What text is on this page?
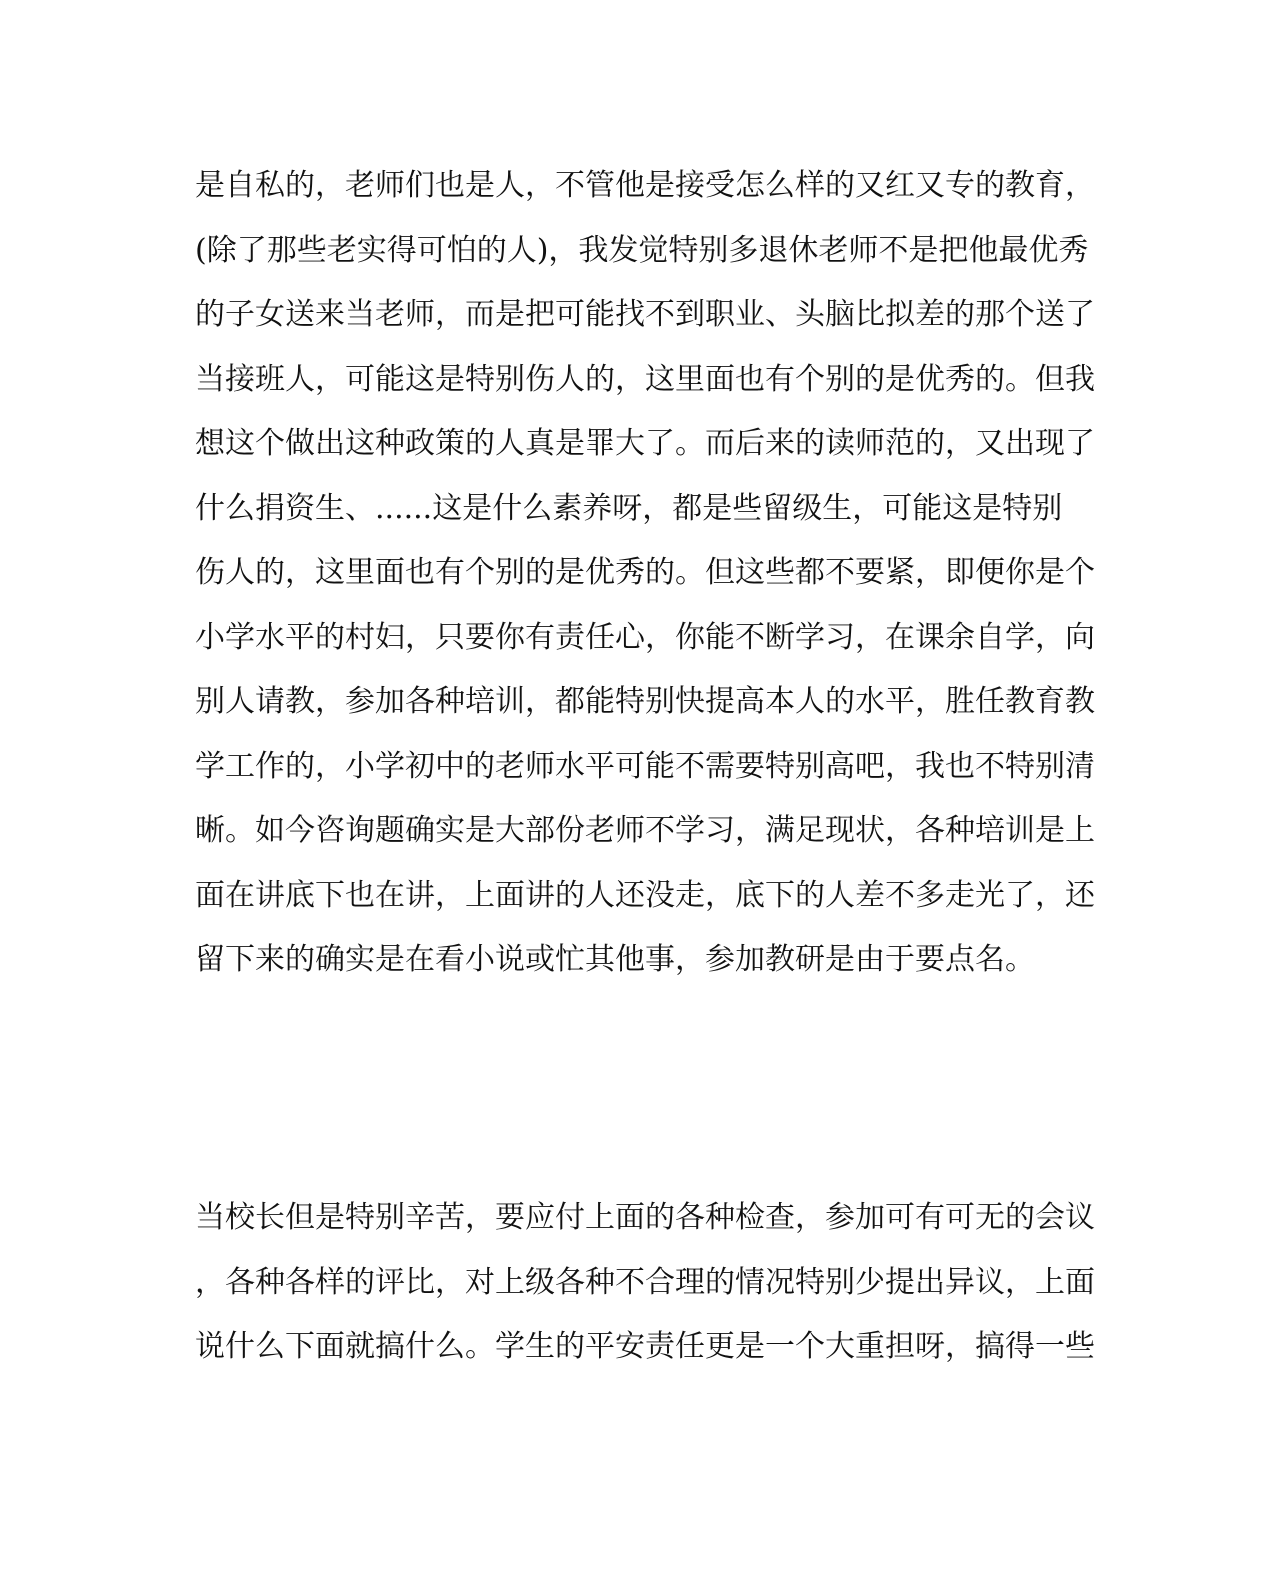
是自私的，老师们也是人，不管他是接受怎么样的又红又专的教育，
(除了那些老实得可怕的人)，我发觉特别多退休老师不是把他最优秀
的子女送来当老师，而是把可能找不到职业、头脑比拟差的那个送了
当接班人，可能这是特别伤人的，这里面也有个别的是优秀的。但我
想这个做出这种政策的人真是罪大了。而后来的读师范的，又出现了
什么捐资生、......这是什么素养呀，都是些留级生，可能这是特别
伤人的，这里面也有个别的是优秀的。但这些都不要紧，即便你是个
小学水平的村妇，只要你有责任心，你能不断学习，在课余自学，向
别人请教，参加各种培训，都能特别快提高本人的水平，胜任教育教
学工作的，小学初中的老师水平可能不需要特别高吧，我也不特别清
晰。如今咨询题确实是大部份老师不学习，满足现状，各种培训是上
面在讲底下也在讲，上面讲的人还没走，底下的人差不多走光了，还
留下来的确实是在看小说或忙其他事，参加教研是由于要点名。
当校长但是特别辛苦，要应付上面的各种检查，参加可有可无的会议
，各种各样的评比，对上级各种不合理的情况特别少提出异议，上面
说什么下面就搞什么。学生的平安责任更是一个大重担呀，搞得一些
